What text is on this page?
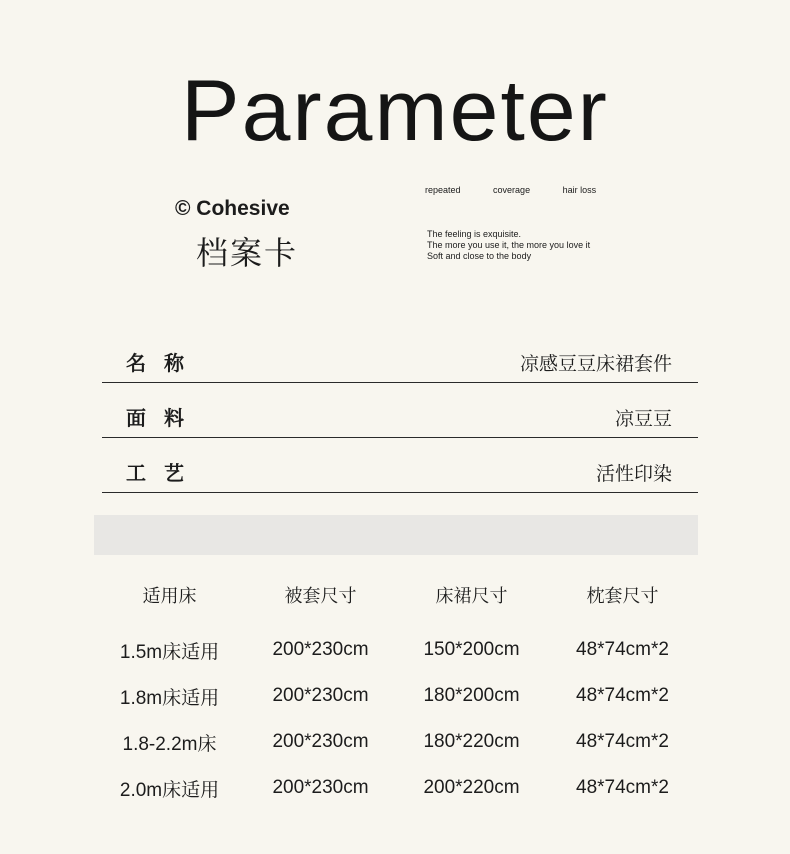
Parameter
© Cohesive
档案卡
repeated	coverage	hair loss
The feeling is exquisite.
The more you use it, the more you love it
Soft and close to the body
名称	凉感豆豆床裙套件
面料	凉豆豆
工艺	活性印染
适用床	被套尺寸	床裙尺寸	枕套尺寸
1.5m床适用	200*230cm	150*200cm	48*74cm*2
1.8m床适用	200*230cm	180*200cm	48*74cm*2
1.8-2.2m床	200*230cm	180*220cm	48*74cm*2
2.0m床适用	200*230cm	200*220cm	48*74cm*2
